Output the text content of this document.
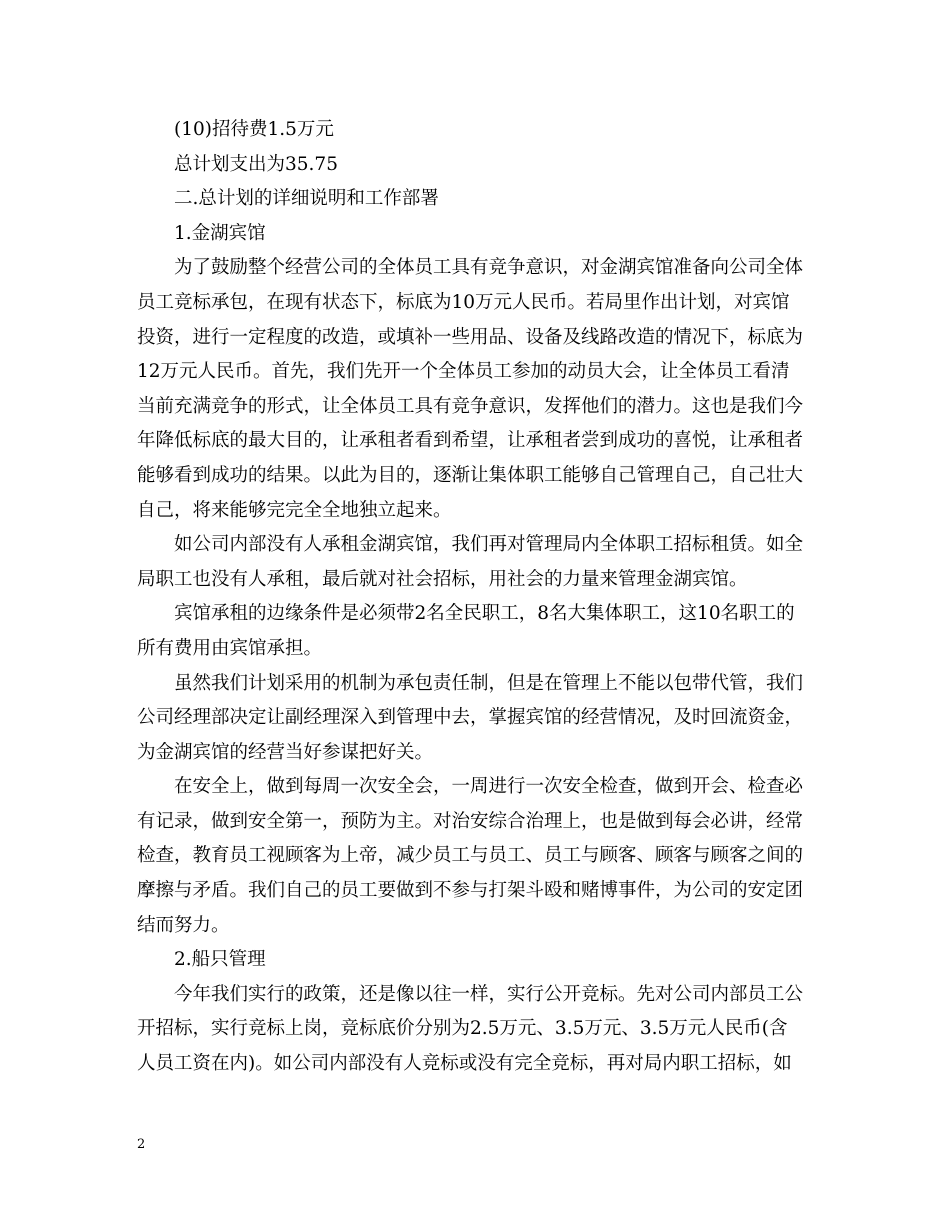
(10)招待费1.5万元
总计划支出为35.75
二.总计划的详细说明和工作部署
1.金湖宾馆
为了鼓励整个经营公司的全体员工具有竞争意识，对金湖宾馆准备向公司全体
员工竞标承包，在现有状态下，标底为10万元人民币。若局里作出计划，对宾馆
投资，进行一定程度的改造，或填补一些用品、设备及线路改造的情况下，标底为
12万元人民币。首先，我们先开一个全体员工参加的动员大会，让全体员工看清
当前充满竞争的形式，让全体员工具有竞争意识，发挥他们的潜力。这也是我们今
年降低标底的最大目的，让承租者看到希望，让承租者尝到成功的喜悦，让承租者
能够看到成功的结果。以此为目的，逐渐让集体职工能够自己管理自己，自己壮大
自己，将来能够完完全全地独立起来。
如公司内部没有人承租金湖宾馆，我们再对管理局内全体职工招标租赁。如全
局职工也没有人承租，最后就对社会招标，用社会的力量来管理金湖宾馆。
宾馆承租的边缘条件是必须带2名全民职工，8名大集体职工，这10名职工的
所有费用由宾馆承担。
虽然我们计划采用的机制为承包责任制，但是在管理上不能以包带代管，我们
公司经理部决定让副经理深入到管理中去，掌握宾馆的经营情况，及时回流资金，
为金湖宾馆的经营当好参谋把好关。
在安全上，做到每周一次安全会，一周进行一次安全检查，做到开会、检查必
有记录，做到安全第一，预防为主。对治安综合治理上，也是做到每会必讲，经常
检查，教育员工视顾客为上帝，减少员工与员工、员工与顾客、顾客与顾客之间的
摩擦与矛盾。我们自己的员工要做到不参与打架斗殴和赌博事件，为公司的安定团
结而努力。
2.船只管理
今年我们实行的政策，还是像以往一样，实行公开竞标。先对公司内部员工公
开招标，实行竞标上岗，竞标底价分别为2.5万元、3.5万元、3.5万元人民币(含
人员工资在内)。如公司内部没有人竞标或没有完全竞标，再对局内职工招标，如
2
